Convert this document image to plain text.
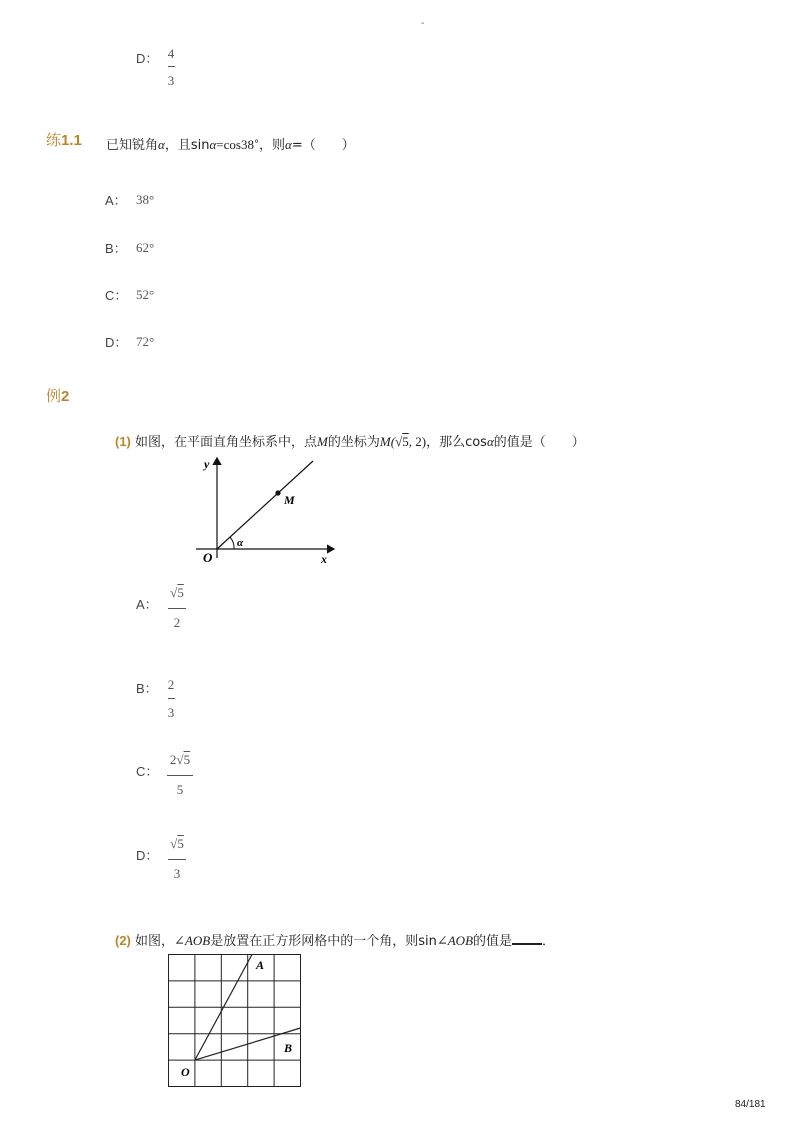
-
D： 4
3
练1.1 已知锐角α，且sinα=cos38°，则α=（　　）
A： 38°
B： 62°
C： 52°
D： 72°
例2
(1) 如图，在平面直角坐标系中，点M的坐标为M(√5, 2)，那么cosα的值是（　　）
y
O	x
M
α
A：
√5
2
B： 2
3
C：
2√5
5
D：
√5
3
(2) 如图，∠AOB是放置在正方形网格中的一个角，则sin∠AOB的值是 ．
A
B
O
84/181
